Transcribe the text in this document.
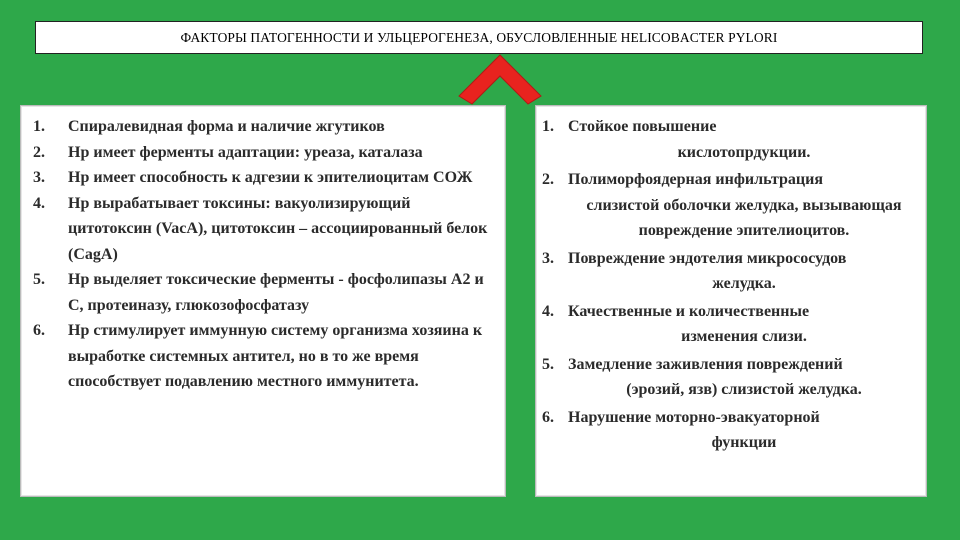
ФАКТОРЫ ПАТОГЕННОСТИ И УЛЬЦЕРОГЕНЕЗА, ОБУСЛОВЛЕННЫЕ HELICOBACTER PYLORI
1.	Спиралевидная форма и наличие жгутиков
2.	Hp имеет ферменты адаптации: уреаза, каталаза
3.	Hp имеет способность к адгезии к эпителиоцитам СОЖ
4.	Hp вырабатывает токсины: вакуолизирующий цитотоксин (VacA), цитотоксин – ассоциированный белок (CagA)
5.	Hp выделяет токсические ферменты - фосфолипазы А2 и С, протеиназу, глюкозофосфатазу
6.	Hp стимулирует иммунную систему организма хозяина к выработке системных антител, но в то же время способствует подавлению местного иммунитета.
1. Стойкое повышение
кислотопрдукции.
2. Полиморфоядерная инфильтрация
слизистой оболочки желудка, вызывающая повреждение эпителиоцитов.
3. Повреждение эндотелия микрососудов
желудка.
4. Качественные и количественные
изменения слизи.
5. Замедление заживления повреждений
(эрозий, язв) слизистой желудка.
6. Нарушение моторно-эвакуаторной
функции
